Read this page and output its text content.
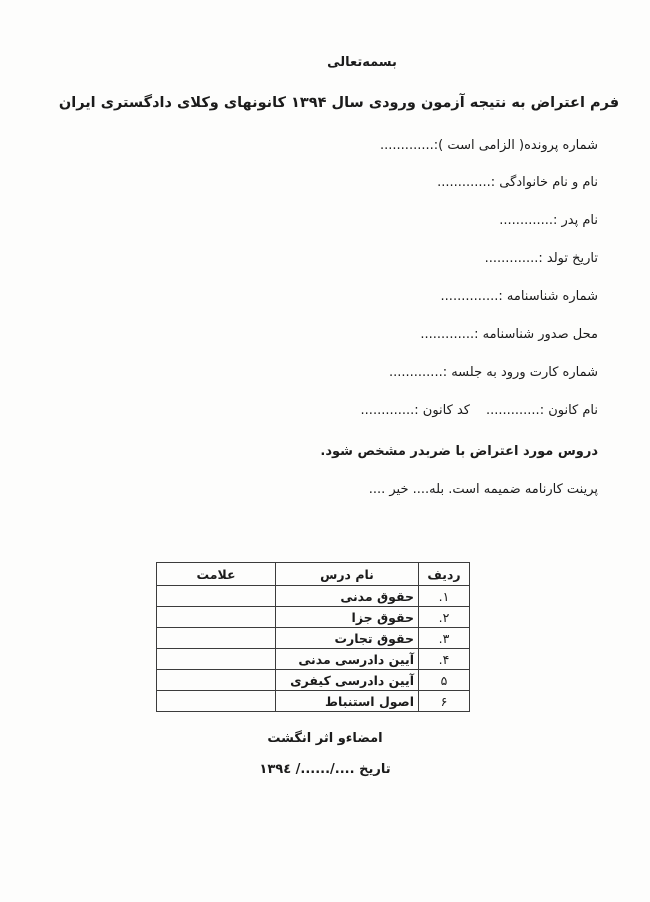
بسمه‌تعالی
فرم اعتراض به نتیجه آزمون ورودی سال ۱۳۹۴ کانونهای وکلای دادگستری ایران
شماره پرونده( الزامی است ):.............
نام و نام خانوادگی :.............
نام پدر :.............
تاریخ تولد :.............
شماره شناسنامه :..............
محل صدور شناسنامه :.............
شماره کارت ورود به جلسه :.............
نام کانون :.............
کد کانون :.............
دروس مورد اعتراض با ضربدر مشخص شود.
پرینت کارنامه ضمیمه است. بله.... خیر ....
ردیف	نام درس	علامت
۱.	حقوق مدنی	
۲.	حقوق جزا	
۳.	حقوق تجارت	
۴.	آیین دادرسی مدنی	
۵	آیین دادرسی کیفری	
۶	اصول استنباط	
امضاءو اثر انگشت
تاریخ ..../....../ ١٣٩٤
